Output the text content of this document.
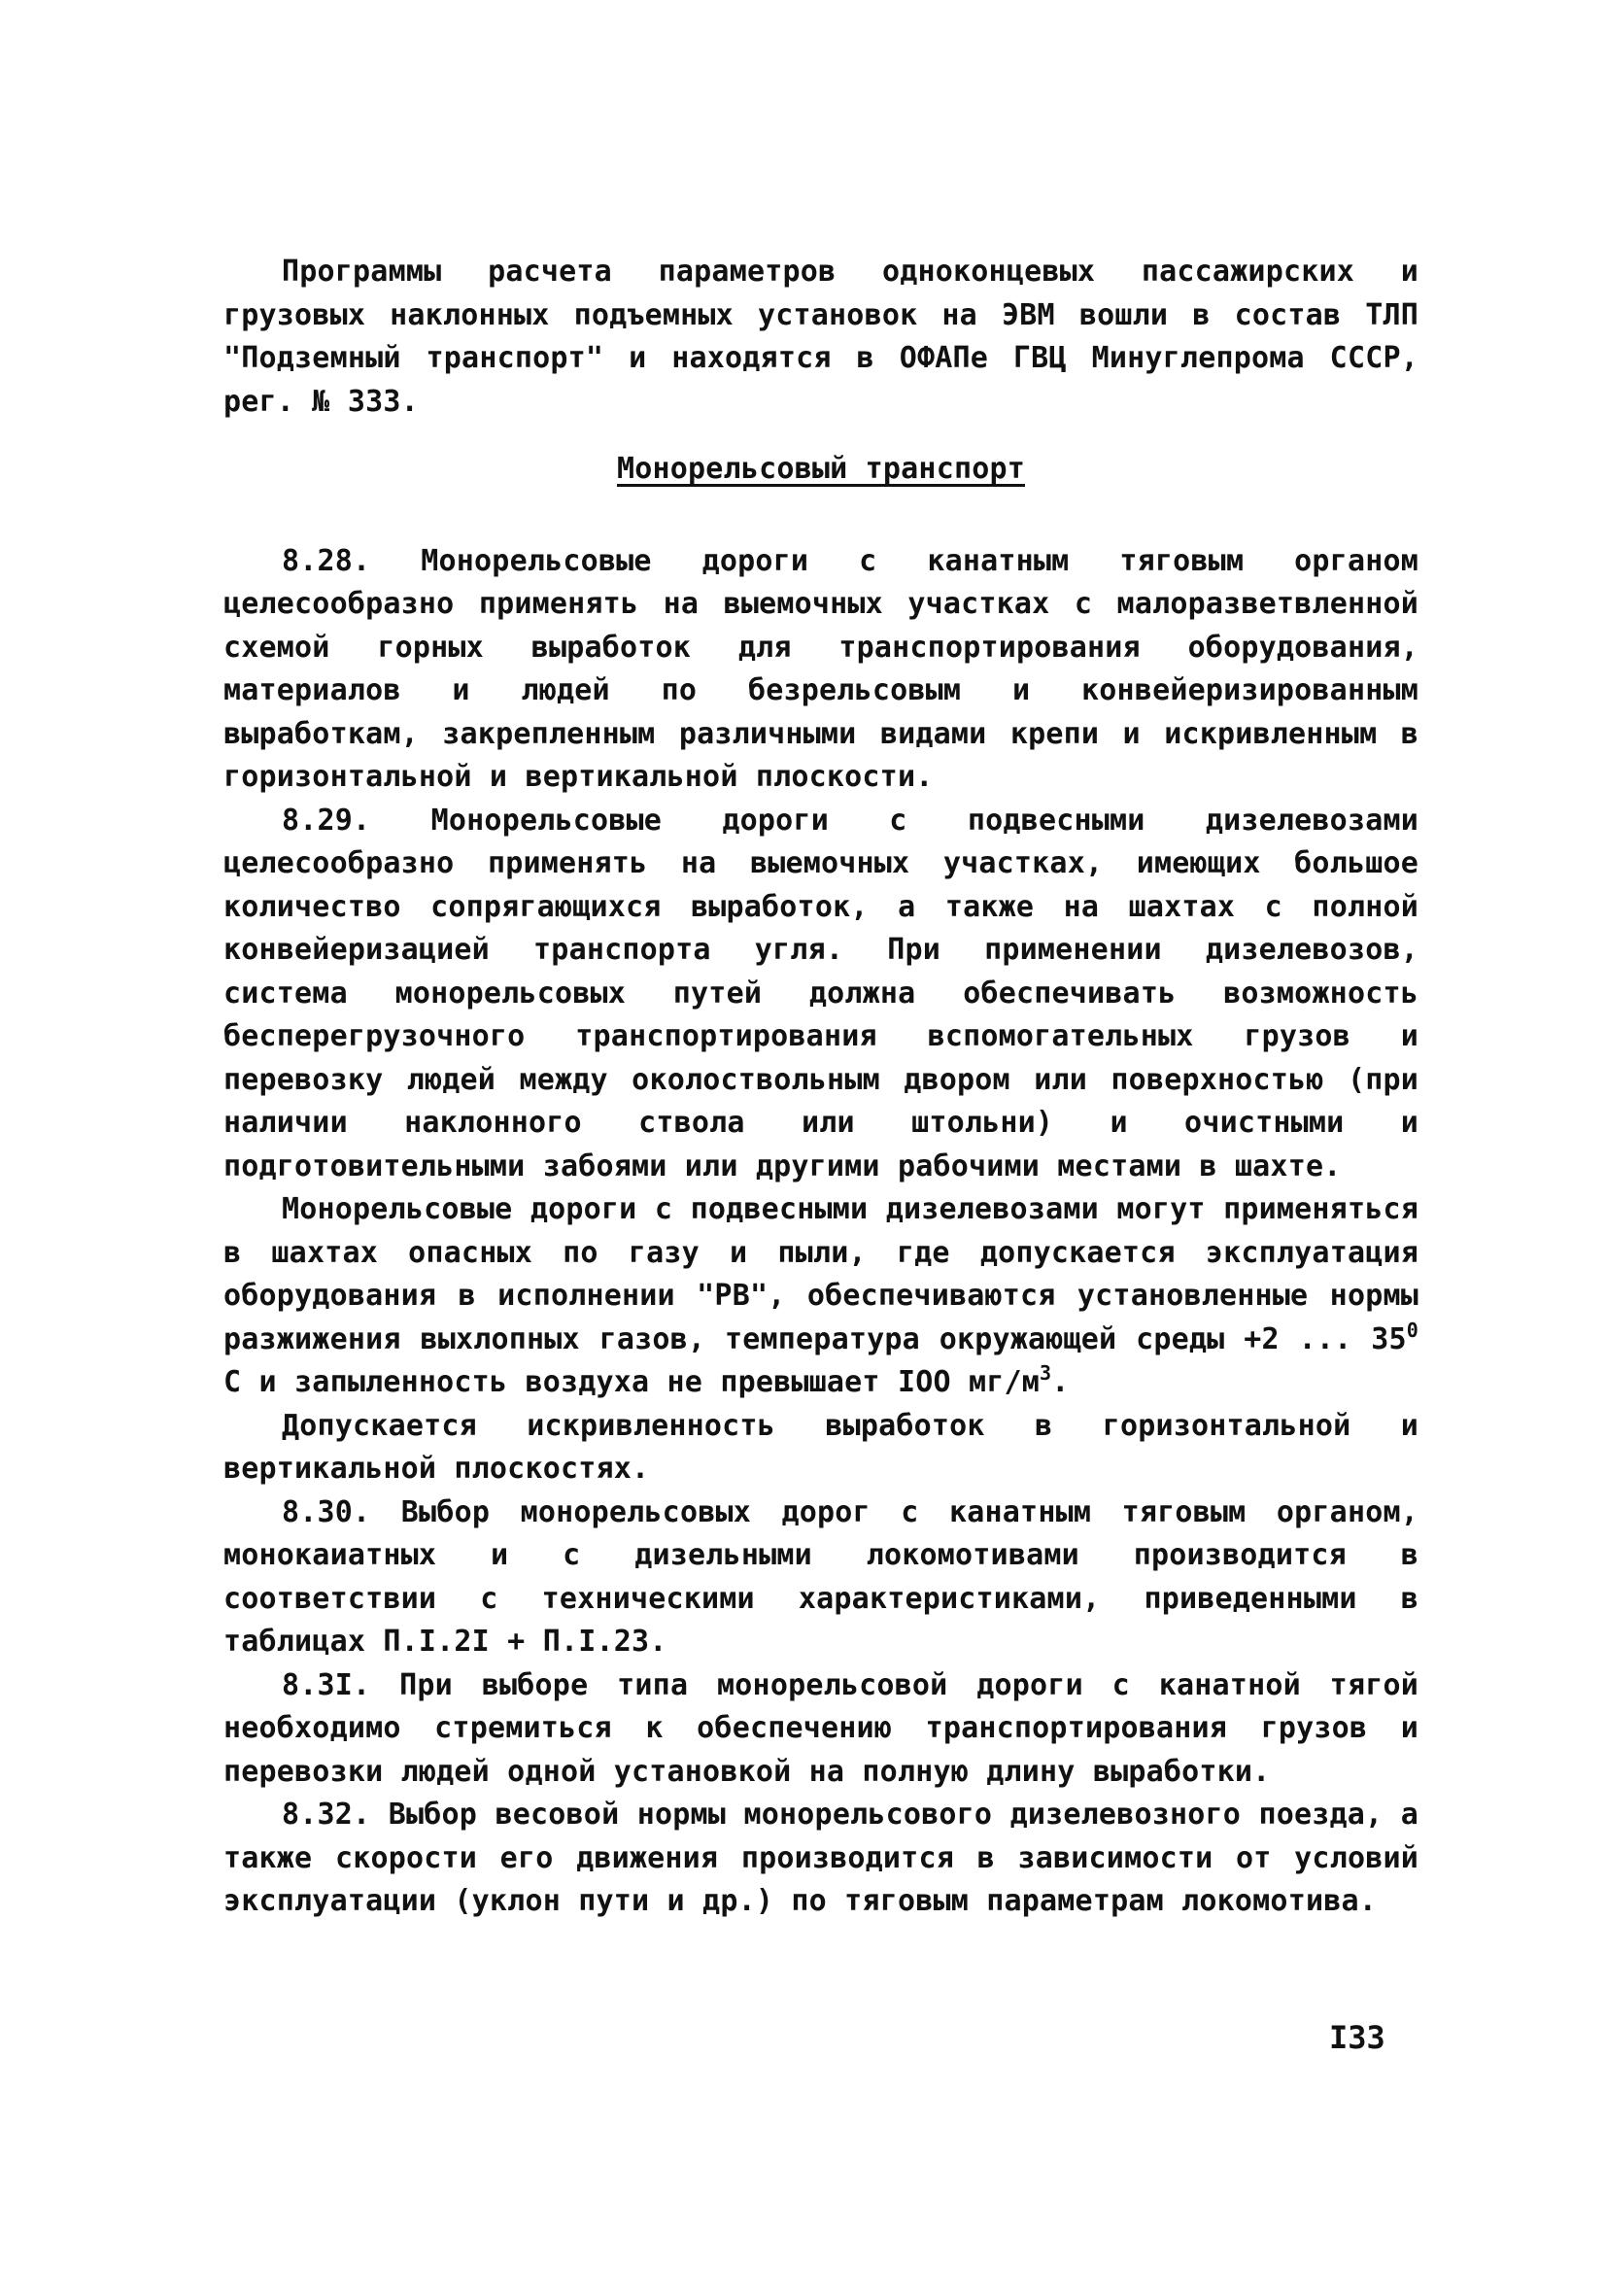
Программы расчета параметров одноконцевых пассажирских и грузовых наклонных подъемных установок на ЭВМ вошли в состав ТЛП "Подземный транспорт" и находятся в ОФАПе ГВЦ Минуглепрома СССР, рег. № 333.

Монорельсовый транспорт

8.28. Монорельсовые дороги с канатным тяговым органом целесообразно применять на выемочных участках с малоразветвленной схемой горных выработок для транспортирования оборудования, материалов и людей по безрельсовым и конвейеризированным выработкам, закрепленным различными видами крепи и искривленным в горизонтальной и вертикальной плоскости.

8.29. Монорельсовые дороги с подвесными дизелевозами целесообразно применять на выемочных участках, имеющих большое количество сопрягающихся выработок, а также на шахтах с полной конвейеризацией транспорта угля. При применении дизелевозов, система монорельсовых путей должна обеспечивать возможность бесперегрузочного транспортирования вспомогательных грузов и перевозку людей между околоствольным двором или поверхностью (при наличии наклонного ствола или штольни) и очистными и подготовительными забоями или другими рабочими местами в шахте.

Монорельсовые дороги с подвесными дизелевозами могут применяться в шахтах опасных по газу и пыли, где допускается эксплуатация оборудования в исполнении "РВ", обеспечиваются установленные нормы разжижения выхлопных газов, температура окружающей среды +2 ... $35^0$ С и запыленность воздуха не превышает IOO $мг/м^3$.

Допускается искривленность выработок в горизонтальной и вертикальной плоскостях.

8.30. Выбор монорельсовых дорог с канатным тяговым органом, монокаиатных и с дизельными локомотивами производится в соответствии с техническими характеристиками, приведенными в таблицах П.I.2I + П.I.23.

8.3I. При выборе типа монорельсовой дороги с канатной тягой необходимо стремиться к обеспечению транспортирования грузов и перевозки людей одной установкой на полную длину выработки.

8.32. Выбор весовой нормы монорельсового дизелевозного поезда, а также скорости его движения производится в зависимости от условий эксплуатации (уклон пути и др.) по тяговым параметрам локомотива.

I33
